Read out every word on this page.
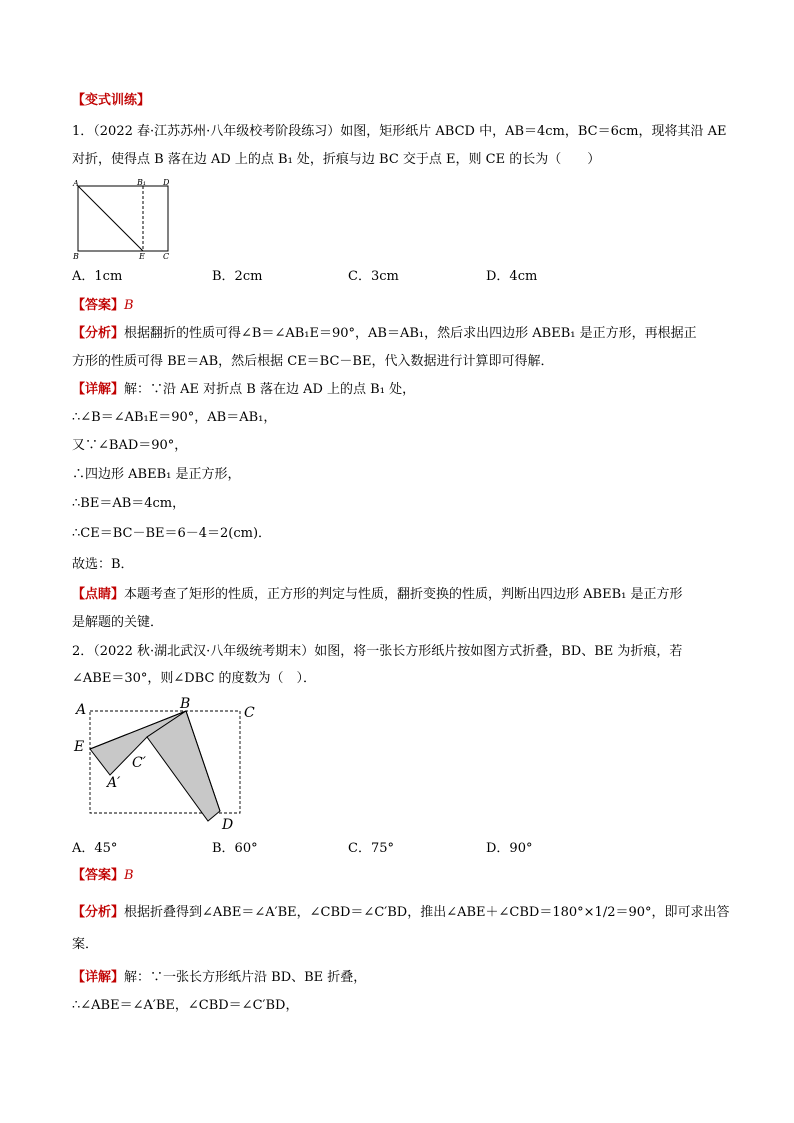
【变式训练】
1．（2022 春·江苏苏州·八年级校考阶段练习）如图，矩形纸片 ABCD 中，AB＝4cm，BC＝6cm，现将其沿 AE
对折，使得点 B 落在边 AD 上的点 B₁ 处，折痕与边 BC 交于点 E，则 CE 的长为（　　）
A	B₁ D
B	E C
A．1cm	B．2cm	C．3cm	D．4cm
【答案】B
【分析】根据翻折的性质可得∠B＝∠AB₁E＝90°，AB＝AB₁，然后求出四边形 ABEB₁ 是正方形，再根据正
方形的性质可得 BE＝AB，然后根据 CE＝BC－BE，代入数据进行计算即可得解．
【详解】解：∵沿 AE 对折点 B 落在边 AD 上的点 B₁ 处，
∴∠B＝∠AB₁E＝90°，AB＝AB₁，
又∵∠BAD＝90°，
∴四边形 ABEB₁ 是正方形，
∴BE＝AB＝4cm，
∴CE＝BC－BE＝6－4＝2(cm)．
故选：B．
【点睛】本题考查了矩形的性质，正方形的判定与性质，翻折变换的性质，判断出四边形 ABEB₁ 是正方形
是解题的关键．
2．（2022 秋·湖北武汉·八年级统考期末）如图，将一张长方形纸片按如图方式折叠，BD、BE 为折痕，若
∠ABE＝30°，则∠DBC 的度数为（　）．
A	B
C
E
C′
A′
D
A．45°	B．60°	C．75°	D．90°
【答案】B
【分析】根据折叠得到∠ABE＝∠A′BE，∠CBD＝∠C′BD，推出∠ABE＋∠CBD＝180°×1/2＝90°，即可求出答
案．
【详解】解：∵一张长方形纸片沿 BD、BE 折叠，
∴∠ABE＝∠A′BE，∠CBD＝∠C′BD，
